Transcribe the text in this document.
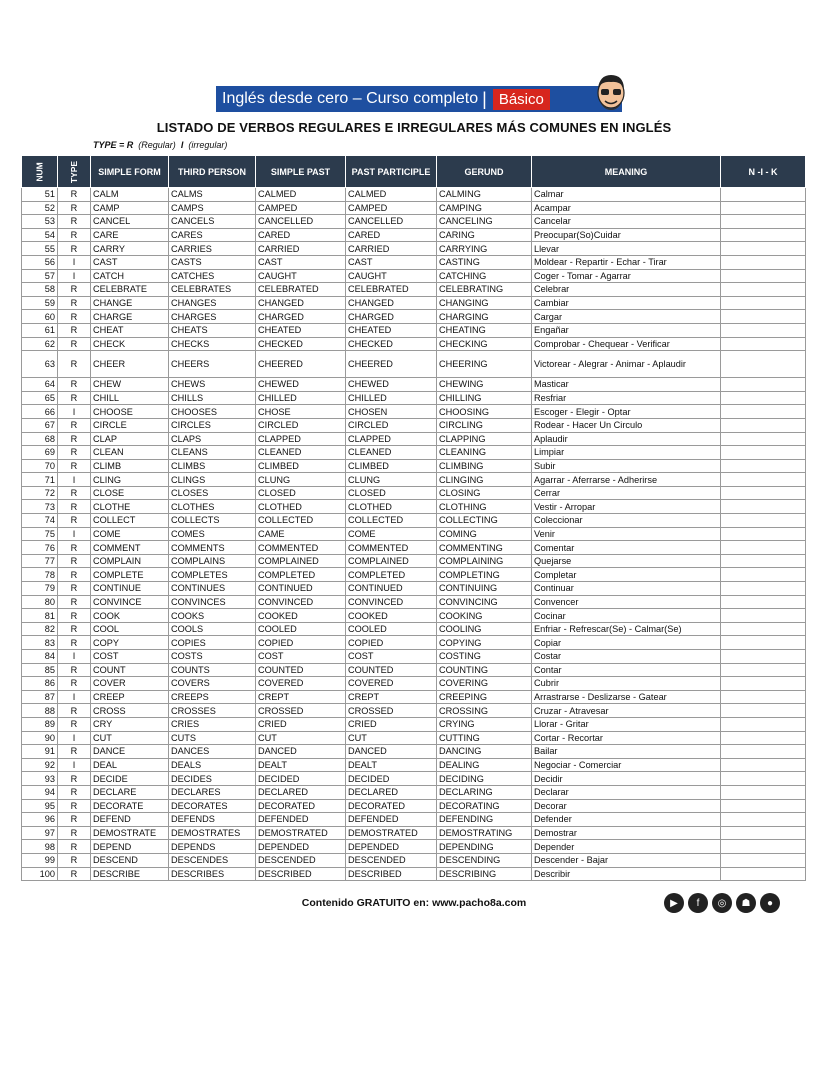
Inglés desde cero – Curso completo | Básico
LISTADO DE VERBOS REGULARES E IRREGULARES MÁS COMUNES EN INGLÉS
TYPE = R (Regular) I (irregular)
NUM	TYPE	SIMPLE FORM	THIRD PERSON	SIMPLE PAST	PAST PARTICIPLE	GERUND	MEANING	N -I - K
51	R	CALM	CALMS	CALMED	CALMED	CALMING	Calmar	
52	R	CAMP	CAMPS	CAMPED	CAMPED	CAMPING	Acampar	
53	R	CANCEL	CANCELS	CANCELLED	CANCELLED	CANCELING	Cancelar	
54	R	CARE	CARES	CARED	CARED	CARING	Preocupar(So)Cuidar	
55	R	CARRY	CARRIES	CARRIED	CARRIED	CARRYING	Llevar	
56	I	CAST	CASTS	CAST	CAST	CASTING	Moldear - Repartir - Echar - Tirar	
57	I	CATCH	CATCHES	CAUGHT	CAUGHT	CATCHING	Coger - Tomar - Agarrar	
58	R	CELEBRATE	CELEBRATES	CELEBRATED	CELEBRATED	CELEBRATING	Celebrar	
59	R	CHANGE	CHANGES	CHANGED	CHANGED	CHANGING	Cambiar	
60	R	CHARGE	CHARGES	CHARGED	CHARGED	CHARGING	Cargar	
61	R	CHEAT	CHEATS	CHEATED	CHEATED	CHEATING	Engañar	
62	R	CHECK	CHECKS	CHECKED	CHECKED	CHECKING	Comprobar - Chequear - Verificar	
63	R	CHEER	CHEERS	CHEERED	CHEERED	CHEERING	Victorear - Alegrar - Animar - Aplaudir	
64	R	CHEW	CHEWS	CHEWED	CHEWED	CHEWING	Masticar	
65	R	CHILL	CHILLS	CHILLED	CHILLED	CHILLING	Resfriar	
66	I	CHOOSE	CHOOSES	CHOSE	CHOSEN	CHOOSING	Escoger - Elegir - Optar	
67	R	CIRCLE	CIRCLES	CIRCLED	CIRCLED	CIRCLING	Rodear - Hacer Un Circulo	
68	R	CLAP	CLAPS	CLAPPED	CLAPPED	CLAPPING	Aplaudir	
69	R	CLEAN	CLEANS	CLEANED	CLEANED	CLEANING	Limpiar	
70	R	CLIMB	CLIMBS	CLIMBED	CLIMBED	CLIMBING	Subir	
71	I	CLING	CLINGS	CLUNG	CLUNG	CLINGING	Agarrar - Aferrarse - Adherirse	
72	R	CLOSE	CLOSES	CLOSED	CLOSED	CLOSING	Cerrar	
73	R	CLOTHE	CLOTHES	CLOTHED	CLOTHED	CLOTHING	Vestir - Arropar	
74	R	COLLECT	COLLECTS	COLLECTED	COLLECTED	COLLECTING	Coleccionar	
75	I	COME	COMES	CAME	COME	COMING	Venir	
76	R	COMMENT	COMMENTS	COMMENTED	COMMENTED	COMMENTING	Comentar	
77	R	COMPLAIN	COMPLAINS	COMPLAINED	COMPLAINED	COMPLAINING	Quejarse	
78	R	COMPLETE	COMPLETES	COMPLETED	COMPLETED	COMPLETING	Completar	
79	R	CONTINUE	CONTINUES	CONTINUED	CONTINUED	CONTINUING	Continuar	
80	R	CONVINCE	CONVINCES	CONVINCED	CONVINCED	CONVINCING	Convencer	
81	R	COOK	COOKS	COOKED	COOKED	COOKING	Cocinar	
82	R	COOL	COOLS	COOLED	COOLED	COOLING	Enfriar - Refrescar(Se) - Calmar(Se)	
83	R	COPY	COPIES	COPIED	COPIED	COPYING	Copiar	
84	I	COST	COSTS	COST	COST	COSTING	Costar	
85	R	COUNT	COUNTS	COUNTED	COUNTED	COUNTING	Contar	
86	R	COVER	COVERS	COVERED	COVERED	COVERING	Cubrir	
87	I	CREEP	CREEPS	CREPT	CREPT	CREEPING	Arrastrarse - Deslizarse - Gatear	
88	R	CROSS	CROSSES	CROSSED	CROSSED	CROSSING	Cruzar - Atravesar	
89	R	CRY	CRIES	CRIED	CRIED	CRYING	Llorar - Gritar	
90	I	CUT	CUTS	CUT	CUT	CUTTING	Cortar - Recortar	
91	R	DANCE	DANCES	DANCED	DANCED	DANCING	Bailar	
92	I	DEAL	DEALS	DEALT	DEALT	DEALING	Negociar - Comerciar	
93	R	DECIDE	DECIDES	DECIDED	DECIDED	DECIDING	Decidir	
94	R	DECLARE	DECLARES	DECLARED	DECLARED	DECLARING	Declarar	
95	R	DECORATE	DECORATES	DECORATED	DECORATED	DECORATING	Decorar	
96	R	DEFEND	DEFENDS	DEFENDED	DEFENDED	DEFENDING	Defender	
97	R	DEMOSTRATE	DEMOSTRATES	DEMOSTRATED	DEMOSTRATED	DEMOSTRATING	Demostrar	
98	R	DEPEND	DEPENDS	DEPENDED	DEPENDED	DEPENDING	Depender	
99	R	DESCEND	DESCENDES	DESCENDED	DESCENDED	DESCENDING	Descender - Bajar	
100	R	DESCRIBE	DESCRIBES	DESCRIBED	DESCRIBED	DESCRIBING	Describir	
Contenido GRATUITO en: www.pacho8a.com	▶	f	◎	☗	●
